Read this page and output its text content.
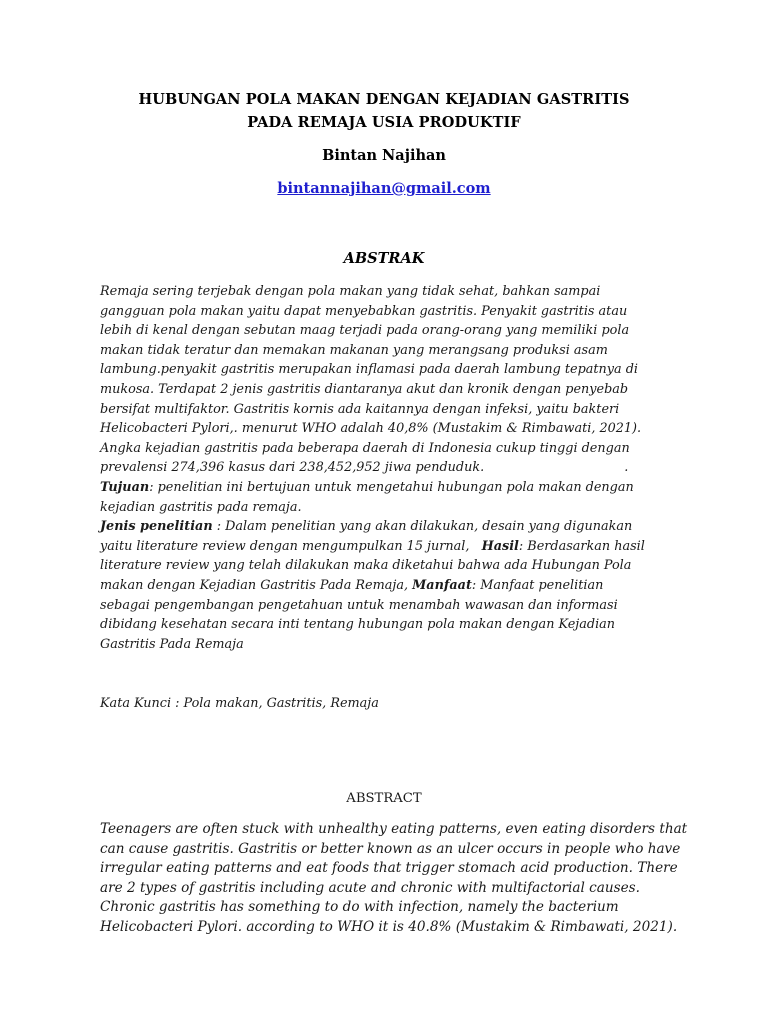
HUBUNGAN POLA MAKAN DENGAN KEJADIAN GASTRITIS
PADA REMAJA USIA PRODUKTIF
Bintan Najihan
bintannajihan@gmail.com
ABSTRAK
Remaja sering terjebak dengan pola makan yang tidak sehat, bahkan sampai
gangguan pola makan yaitu dapat menyebabkan gastritis. Penyakit gastritis atau
lebih di kenal dengan sebutan maag terjadi pada orang-orang yang memiliki pola
makan tidak teratur dan memakan makanan yang merangsang produksi asam
lambung.penyakit gastritis merupakan inflamasi pada daerah lambung tepatnya di
mukosa. Terdapat 2 jenis gastritis diantaranya akut dan kronik dengan penyebab
bersifat multifaktor. Gastritis kornis ada kaitannya dengan infeksi, yaitu bakteri
Helicobacteri Pylori,. menurut WHO adalah 40,8% (Mustakim & Rimbawati, 2021).
Angka kejadian gastritis pada beberapa daerah di Indonesia cukup tinggi dengan
prevalensi 274,396 kasus dari 238,452,952 jiwa penduduk.	.
Tujuan: penelitian ini bertujuan untuk mengetahui hubungan pola makan dengan
kejadian gastritis pada remaja.
Jenis penelitian : Dalam penelitian yang akan dilakukan, desain yang digunakan
yaitu literature review dengan mengumpulkan 15 jurnal, Hasil: Berdasarkan hasil
literature review yang telah dilakukan maka diketahui bahwa ada Hubungan Pola
makan dengan Kejadian Gastritis Pada Remaja, Manfaat: Manfaat penelitian
sebagai pengembangan pengetahuan untuk menambah wawasan dan informasi
dibidang kesehatan secara inti tentang hubungan pola makan dengan Kejadian
Gastritis Pada Remaja
Kata Kunci : Pola makan, Gastritis, Remaja
ABSTRACT
Teenagers are often stuck with unhealthy eating patterns, even eating disorders that
can cause gastritis. Gastritis or better known as an ulcer occurs in people who have
irregular eating patterns and eat foods that trigger stomach acid production. There
are 2 types of gastritis including acute and chronic with multifactorial causes.
Chronic gastritis has something to do with infection, namely the bacterium
Helicobacteri Pylori. according to WHO it is 40.8% (Mustakim & Rimbawati, 2021).
